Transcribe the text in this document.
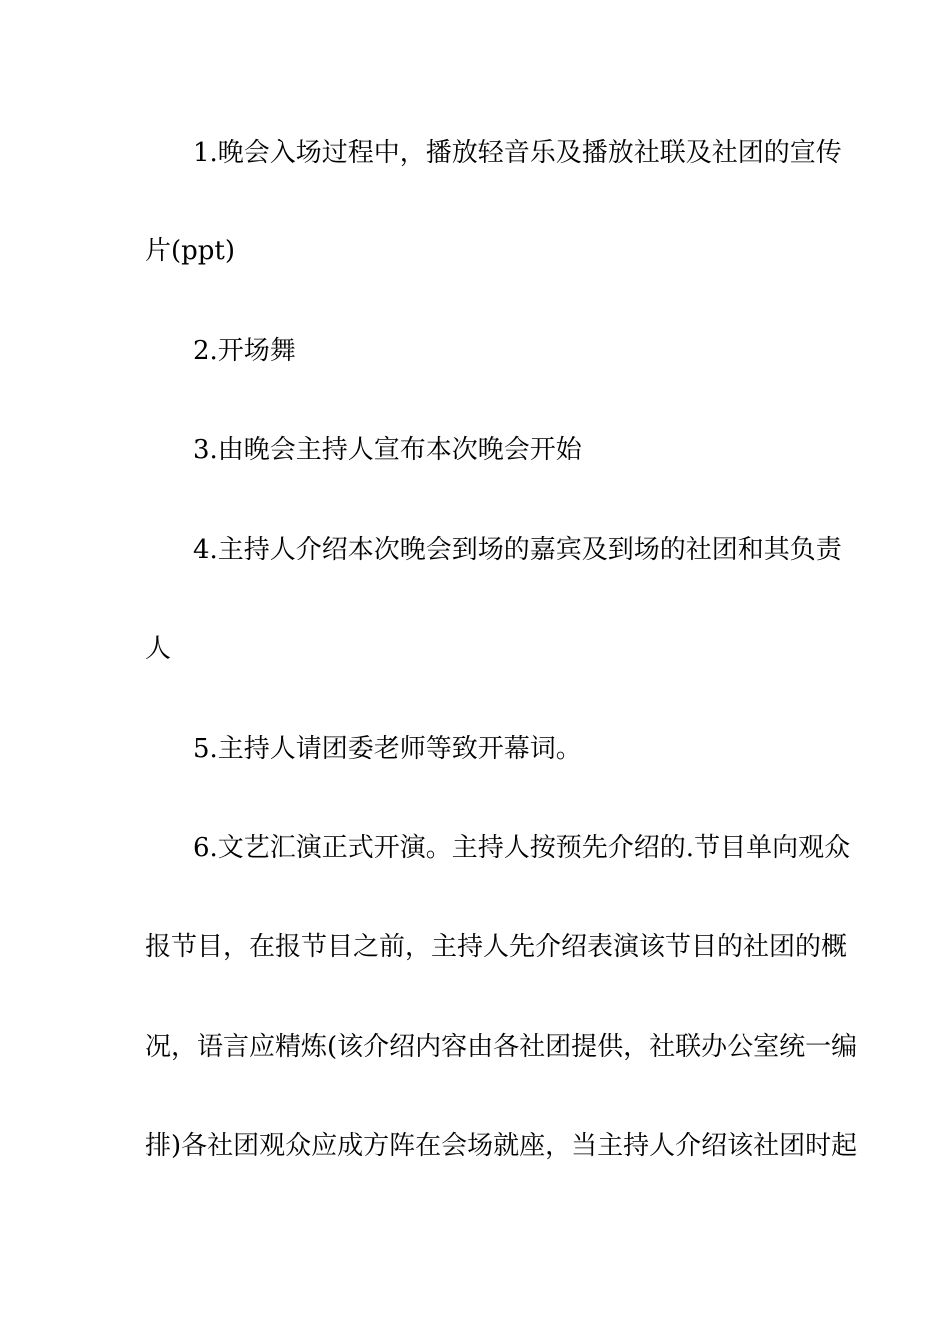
1.晚会入场过程中，播放轻音乐及播放社联及社团的宣传
片(ppt)
2.开场舞
3.由晚会主持人宣布本次晚会开始
4.主持人介绍本次晚会到场的嘉宾及到场的社团和其负责
人
5.主持人请团委老师等致开幕词。
6.文艺汇演正式开演。主持人按预先介绍的.节目单向观众
报节目，在报节目之前，主持人先介绍表演该节目的社团的概
况，语言应精炼(该介绍内容由各社团提供，社联办公室统一编
排)各社团观众应成方阵在会场就座，当主持人介绍该社团时起
